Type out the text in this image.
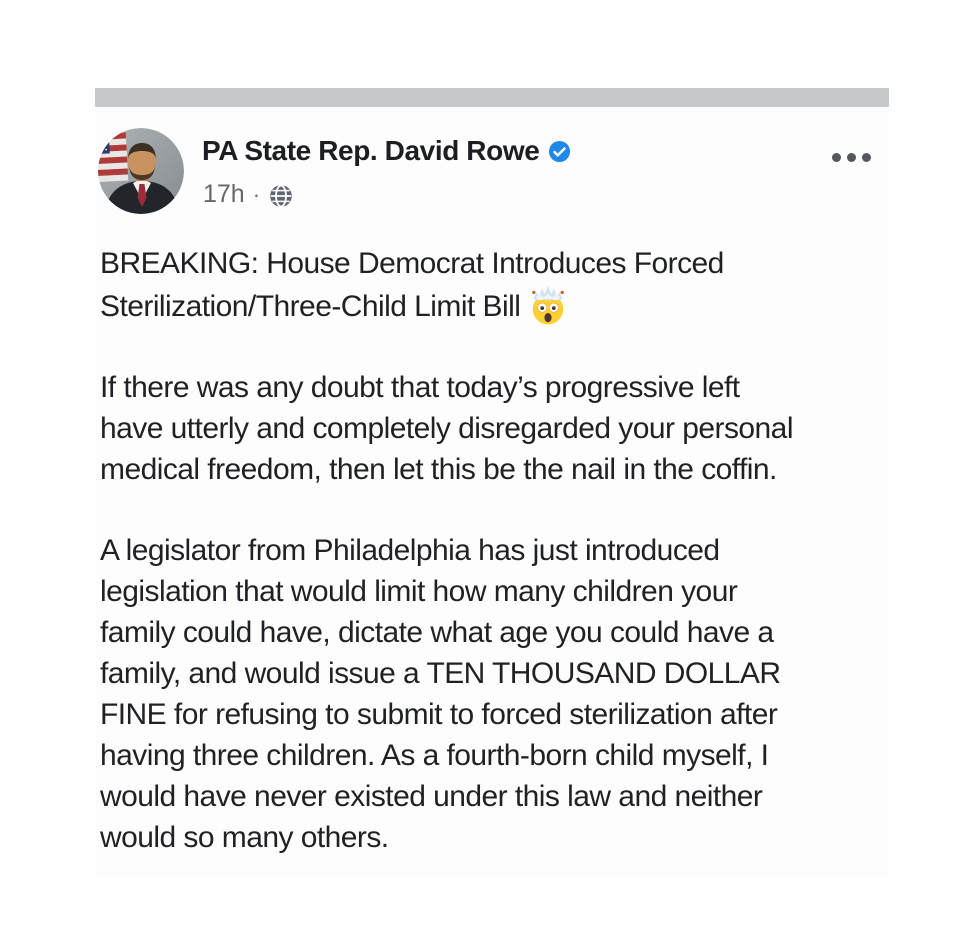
PA State Rep. David Rowe
17h ·

BREAKING: House Democrat Introduces Forced
Sterilization/Three-Child Limit Bill

If there was any doubt that today’s progressive left
have utterly and completely disregarded your personal
medical freedom, then let this be the nail in the coffin.

A legislator from Philadelphia has just introduced
legislation that would limit how many children your
family could have, dictate what age you could have a
family, and would issue a TEN THOUSAND DOLLAR
FINE for refusing to submit to forced sterilization after
having three children. As a fourth-born child myself, I
would have never existed under this law and neither
would so many others.
